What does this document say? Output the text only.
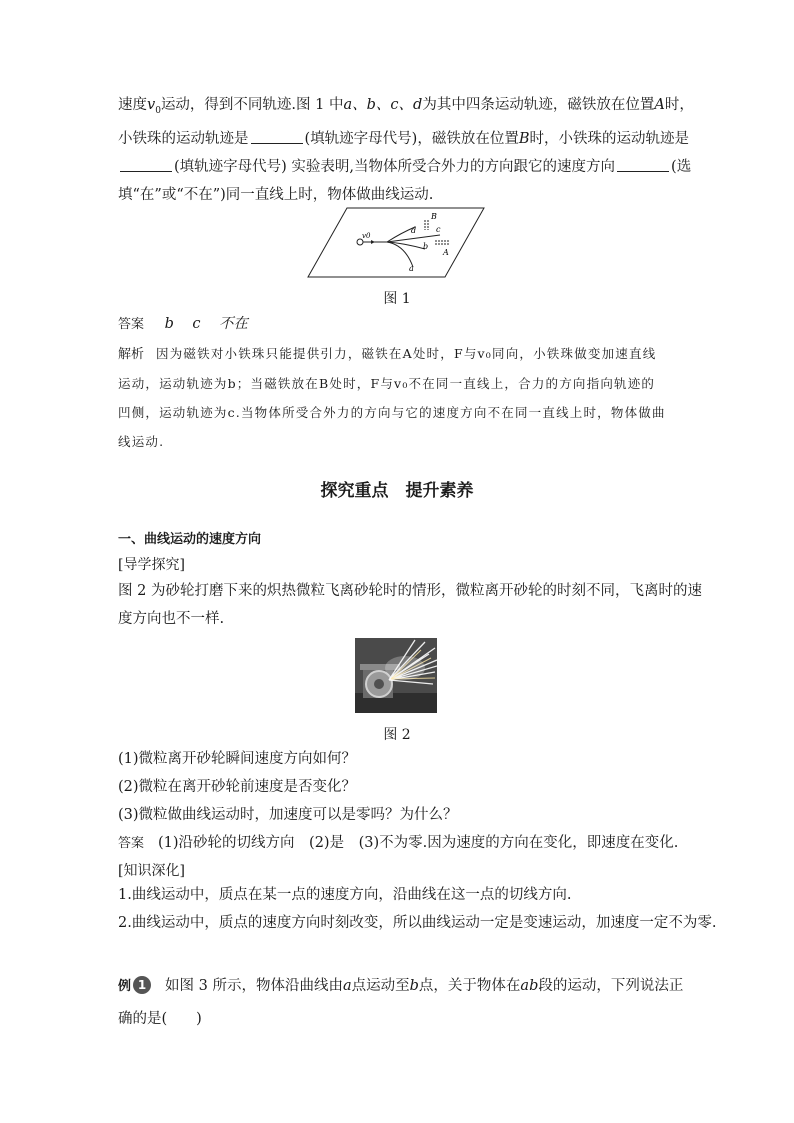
速度$v_0$运动，得到不同轨迹.图 1 中a、b、c、d为其中四条运动轨迹，磁铁放在位置A时，
小铁珠的运动轨迹是	(填轨迹字母代号)，磁铁放在位置B时，小铁珠的运动轨迹是
(填轨迹字母代号) 实验表明,当物体所受合外力的方向跟它的速度方向	(选
填“在”或“不在”)同一直线上时，物体做曲线运动.
v0
B
A
d c
b
a
图 1
答案 b    c    不在
解析 因为磁铁对小铁珠只能提供引力，磁铁在A处时，F与v₀同向，小铁珠做变加速直线
运动，运动轨迹为b；当磁铁放在B处时，F与v₀不在同一直线上，合力的方向指向轨迹的
凹侧，运动轨迹为c.当物体所受合外力的方向与它的速度方向不在同一直线上时，物体做曲
线运动.
探究重点　提升素养
一、曲线运动的速度方向
[导学探究]
图 2 为砂轮打磨下来的炽热微粒飞离砂轮时的情形，微粒离开砂轮的时刻不同，飞离时的速
度方向也不一样.
图 2
(1)微粒离开砂轮瞬间速度方向如何？
(2)微粒在离开砂轮前速度是否变化？
(3)微粒做曲线运动时，加速度可以是零吗？为什么？
答案 (1)沿砂轮的切线方向　(2)是　(3)不为零.因为速度的方向在变化，即速度在变化.
[知识深化]
1.曲线运动中，质点在某一点的速度方向，沿曲线在这一点的切线方向.
2.曲线运动中，质点的速度方向时刻改变，所以曲线运动一定是变速运动，加速度一定不为零.
例 1 如图 3 所示，物体沿曲线由a点运动至b点，关于物体在ab段的运动，下列说法正
确的是(　　)
